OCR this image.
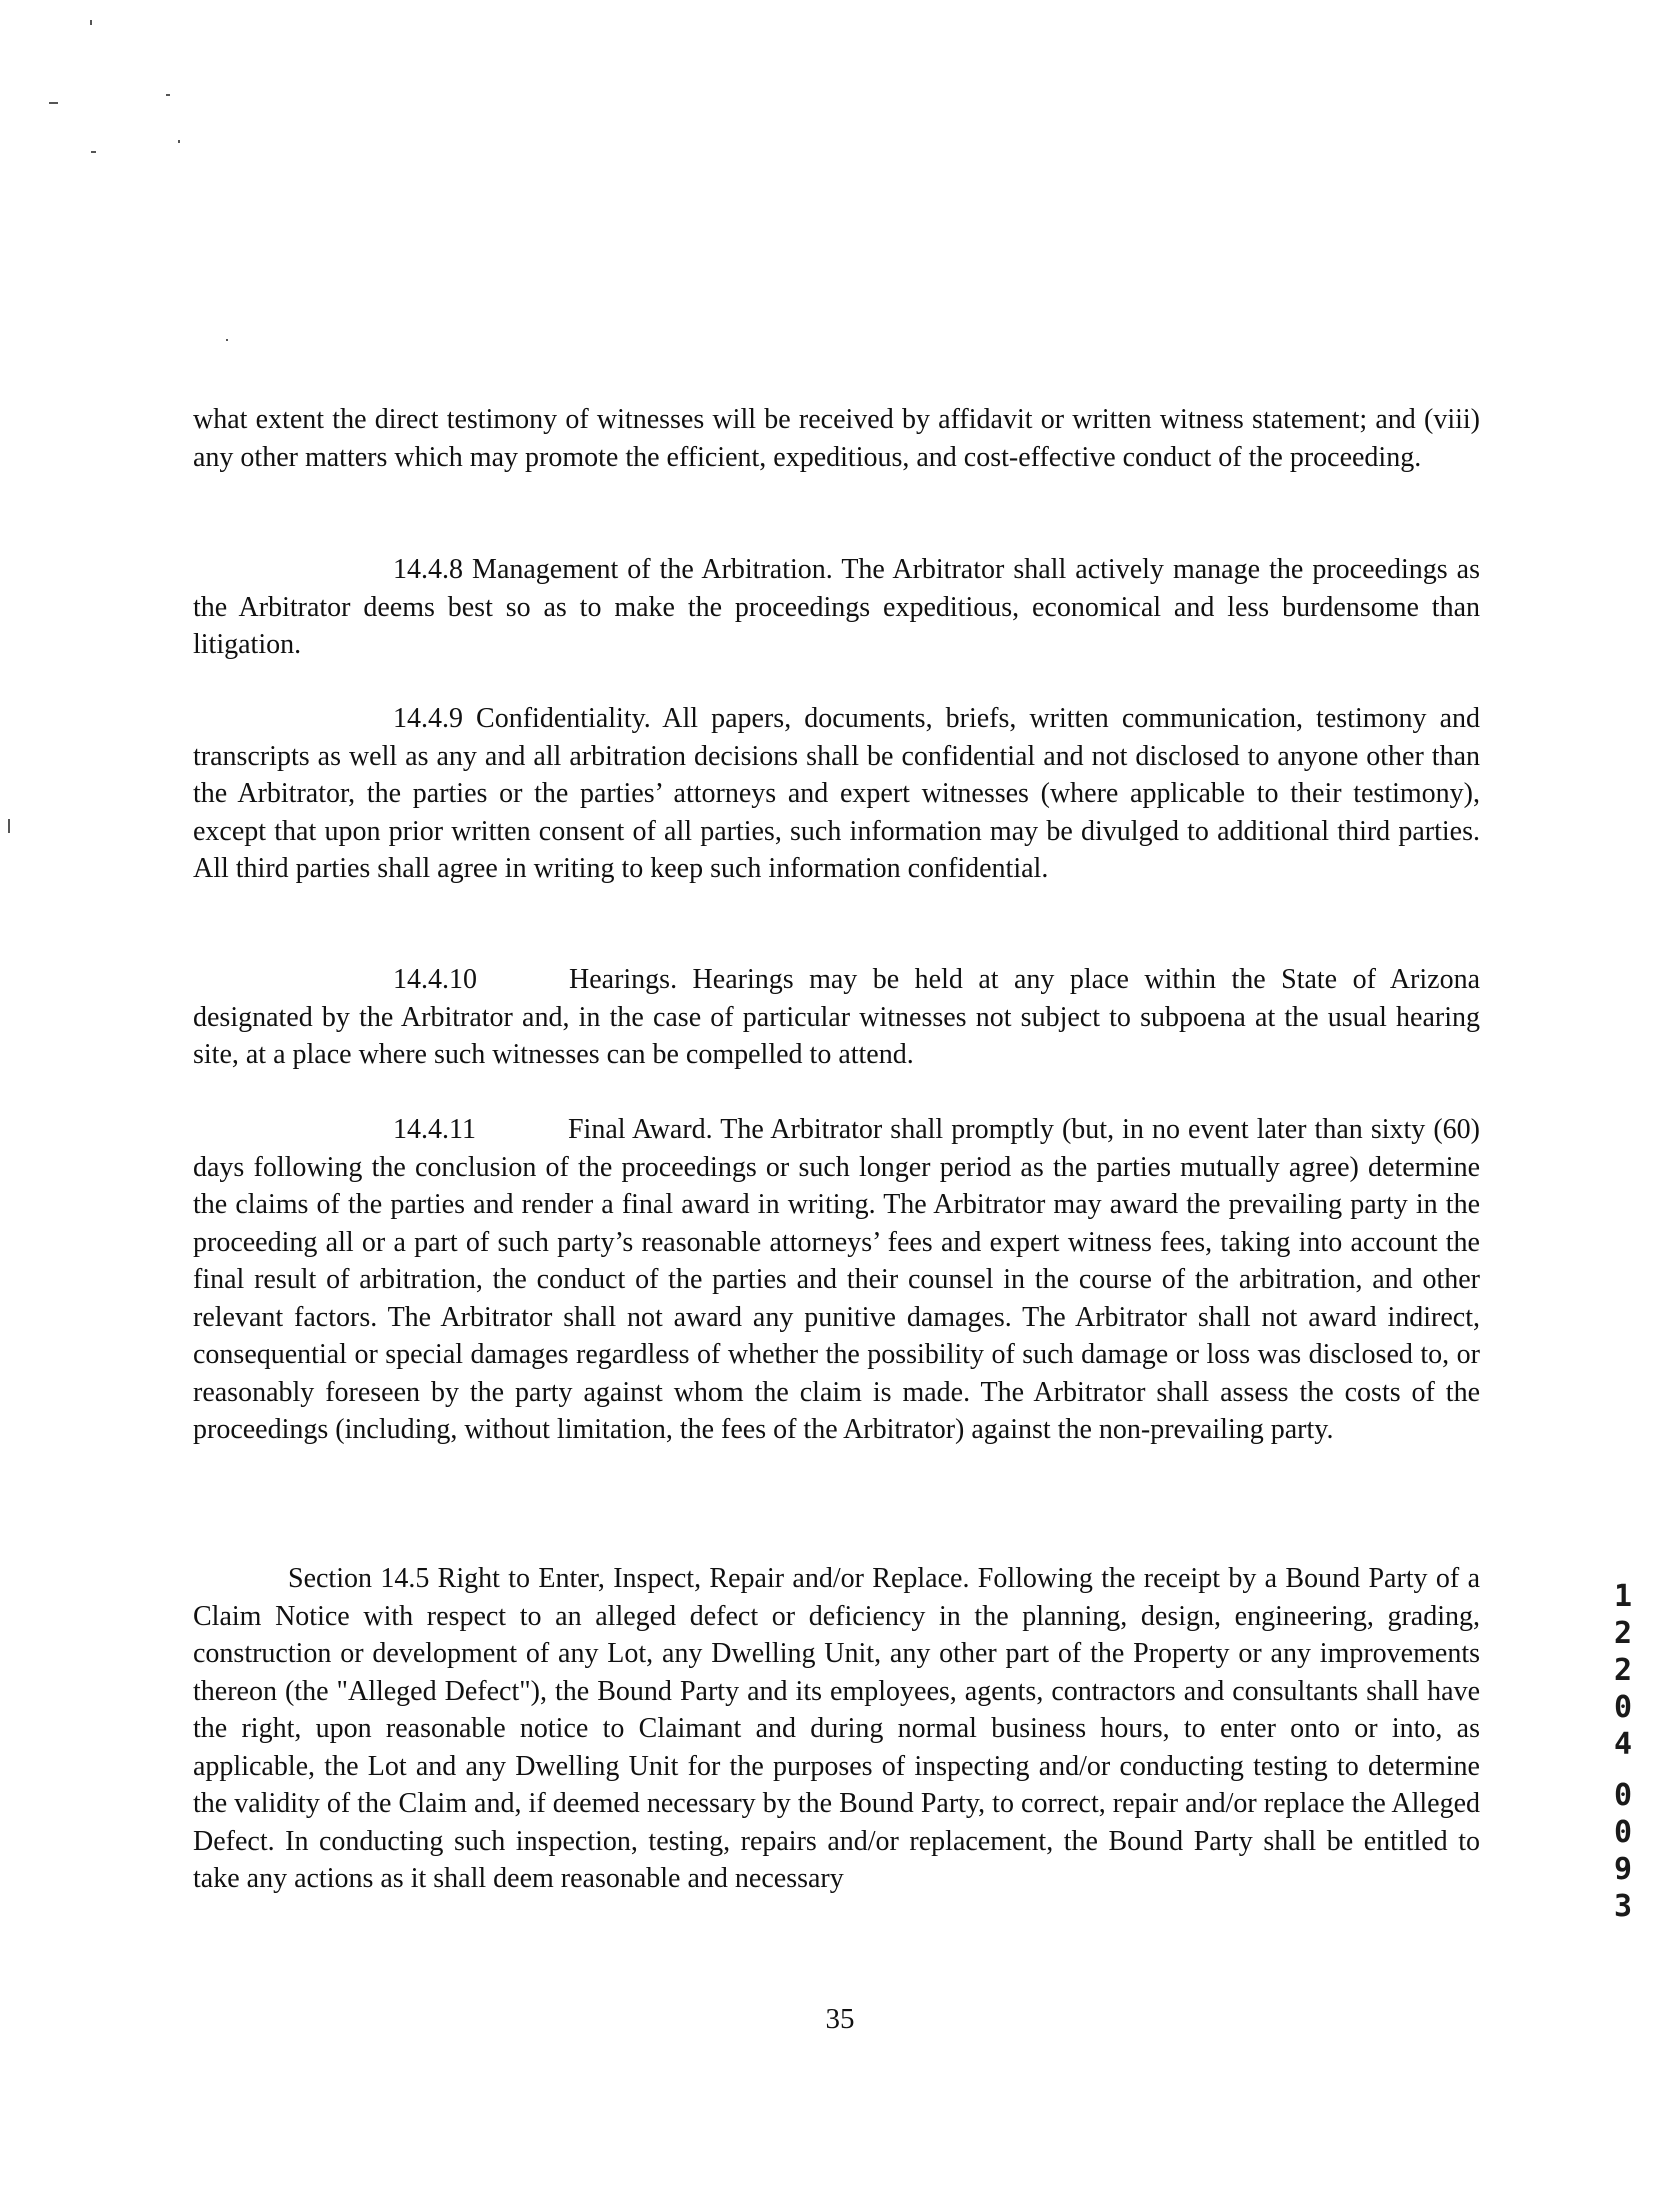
what extent the direct testimony of witnesses will be received by affidavit or written witness statement; and (viii) any other matters which may promote the efficient, expeditious, and cost-effective conduct of the proceeding.

14.4.8 Management of the Arbitration. The Arbitrator shall actively manage the proceedings as the Arbitrator deems best so as to make the proceedings expeditious, economical and less burdensome than litigation.

14.4.9 Confidentiality. All papers, documents, briefs, written communication, testimony and transcripts as well as any and all arbitration decisions shall be confidential and not disclosed to anyone other than the Arbitrator, the parties or the parties’ attorneys and expert witnesses (where applicable to their testimony), except that upon prior written consent of all parties, such information may be divulged to additional third parties. All third parties shall agree in writing to keep such information confidential.

14.4.10	Hearings. Hearings may be held at any place within the State of Arizona designated by the Arbitrator and, in the case of particular witnesses not subject to subpoena at the usual hearing site, at a place where such witnesses can be compelled to attend.

14.4.11	Final Award. The Arbitrator shall promptly (but, in no event later than sixty (60) days following the conclusion of the proceedings or such longer period as the parties mutually agree) determine the claims of the parties and render a final award in writing. The Arbitrator may award the prevailing party in the proceeding all or a part of such party’s reasonable attorneys’ fees and expert witness fees, taking into account the final result of arbitration, the conduct of the parties and their counsel in the course of the arbitration, and other relevant factors. The Arbitrator shall not award any punitive damages. The Arbitrator shall not award indirect, consequential or special damages regardless of whether the possibility of such damage or loss was disclosed to, or reasonably foreseen by the party against whom the claim is made. The Arbitrator shall assess the costs of the proceedings (including, without limitation, the fees of the Arbitrator) against the non-prevailing party.

Section 14.5 Right to Enter, Inspect, Repair and/or Replace. Following the receipt by a Bound Party of a Claim Notice with respect to an alleged defect or deficiency in the planning, design, engineering, grading, construction or development of any Lot, any Dwelling Unit, any other part of the Property or any improvements thereon (the "Alleged Defect"), the Bound Party and its employees, agents, contractors and consultants shall have the right, upon reasonable notice to Claimant and during normal business hours, to enter onto or into, as applicable, the Lot and any Dwelling Unit for the purposes of inspecting and/or conducting testing to determine the validity of the Claim and, if deemed necessary by the Bound Party, to correct, repair and/or replace the Alleged Defect. In conducting such inspection, testing, repairs and/or replacement, the Bound Party shall be entitled to take any actions as it shall deem reasonable and necessary

35
1
2
2
0
4
0
0
9
3
